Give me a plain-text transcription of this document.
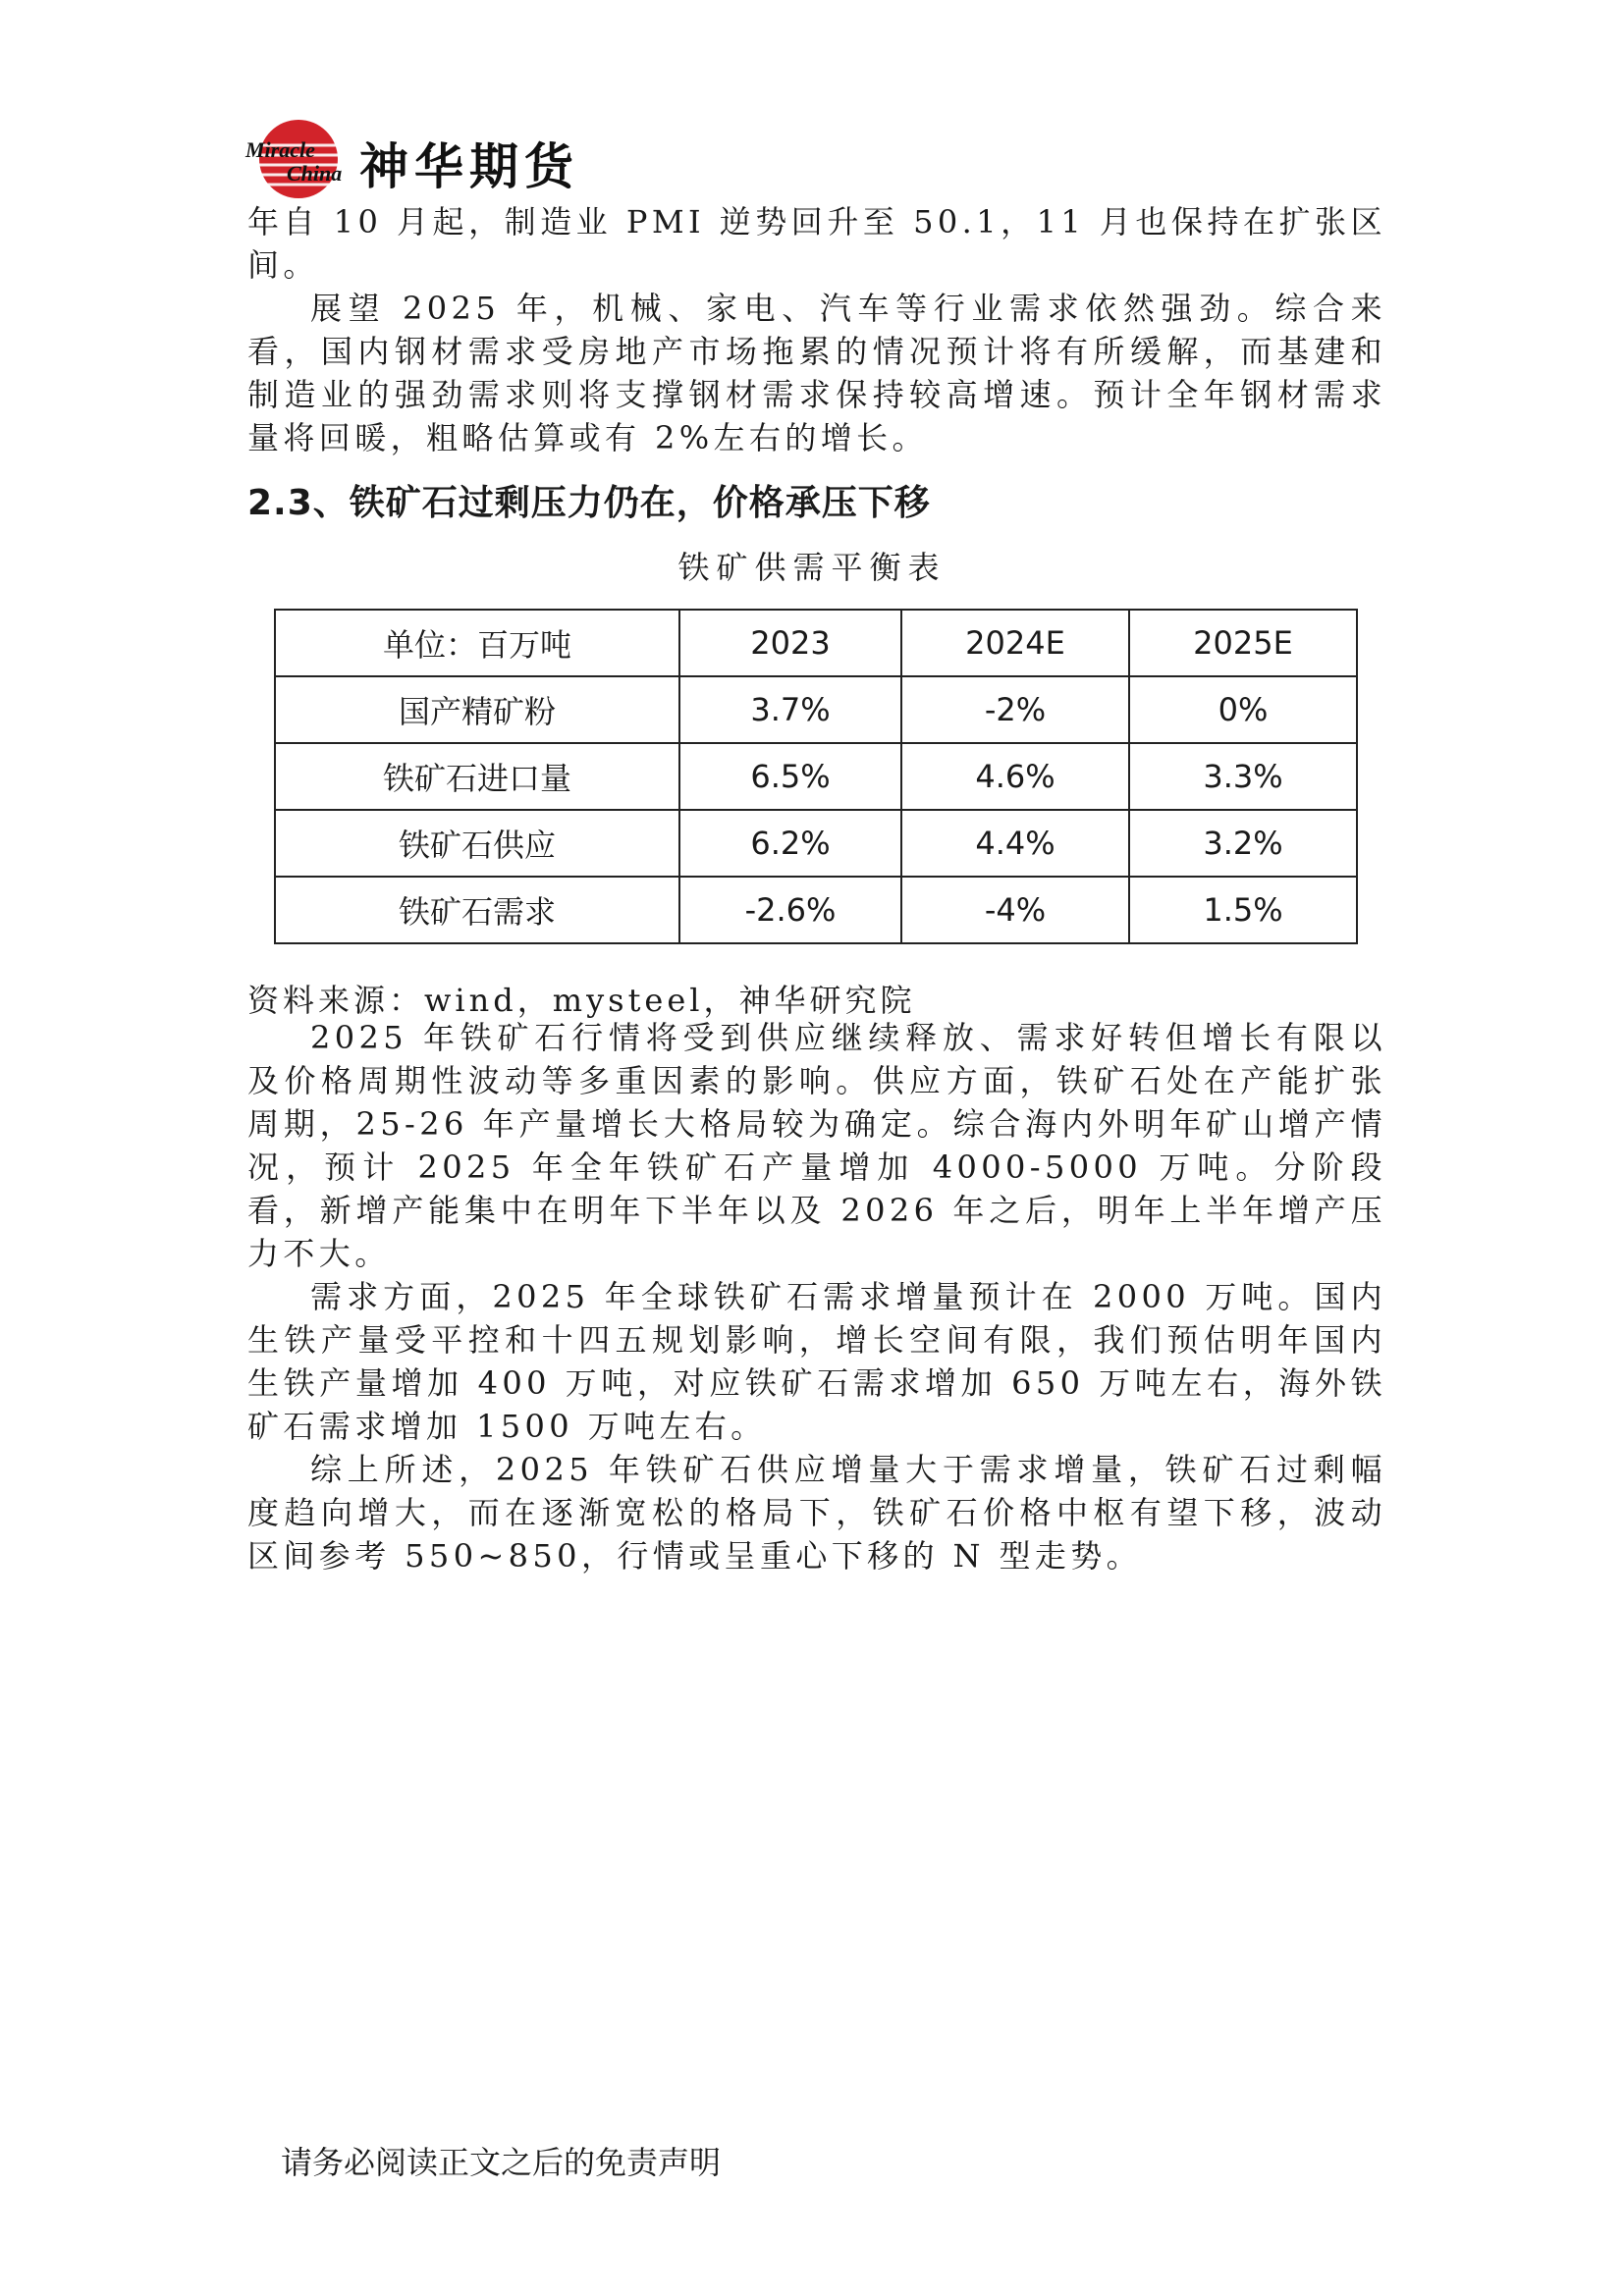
Miracle
China 神华期货

年自 10 月起，制造业 PMI 逆势回升至 50.1，11 月也保持在扩张区间。

展望 2025 年，机械、家电、汽车等行业需求依然强劲。综合来看，国内钢材需求受房地产市场拖累的情况预计将有所缓解，而基建和制造业的强劲需求则将支撑钢材需求保持较高增速。预计全年钢材需求量将回暖，粗略估算或有 2%左右的增长。

2.3、铁矿石过剩压力仍在，价格承压下移

铁矿供需平衡表

单位：百万吨	2023	2024E	2025E
国产精矿粉	3.7%	-2%	0%
铁矿石进口量	6.5%	4.6%	3.3%
铁矿石供应	6.2%	4.4%	3.2%
铁矿石需求	-2.6%	-4%	1.5%

资料来源：wind，mysteel，神华研究院

2025 年铁矿石行情将受到供应继续释放、需求好转但增长有限以及价格周期性波动等多重因素的影响。供应方面，铁矿石处在产能扩张周期，25-26 年产量增长大格局较为确定。综合海内外明年矿山增产情况，预计 2025 年全年铁矿石产量增加 4000-5000 万吨。分阶段看，新增产能集中在明年下半年以及 2026 年之后，明年上半年增产压力不大。

需求方面，2025 年全球铁矿石需求增量预计在 2000 万吨。国内生铁产量受平控和十四五规划影响，增长空间有限，我们预估明年国内生铁产量增加 400 万吨，对应铁矿石需求增加 650 万吨左右，海外铁矿石需求增加 1500 万吨左右。

综上所述，2025 年铁矿石供应增量大于需求增量，铁矿石过剩幅度趋向增大，而在逐渐宽松的格局下，铁矿石价格中枢有望下移，波动区间参考 550~850，行情或呈重心下移的 N 型走势。

请务必阅读正文之后的免责声明
